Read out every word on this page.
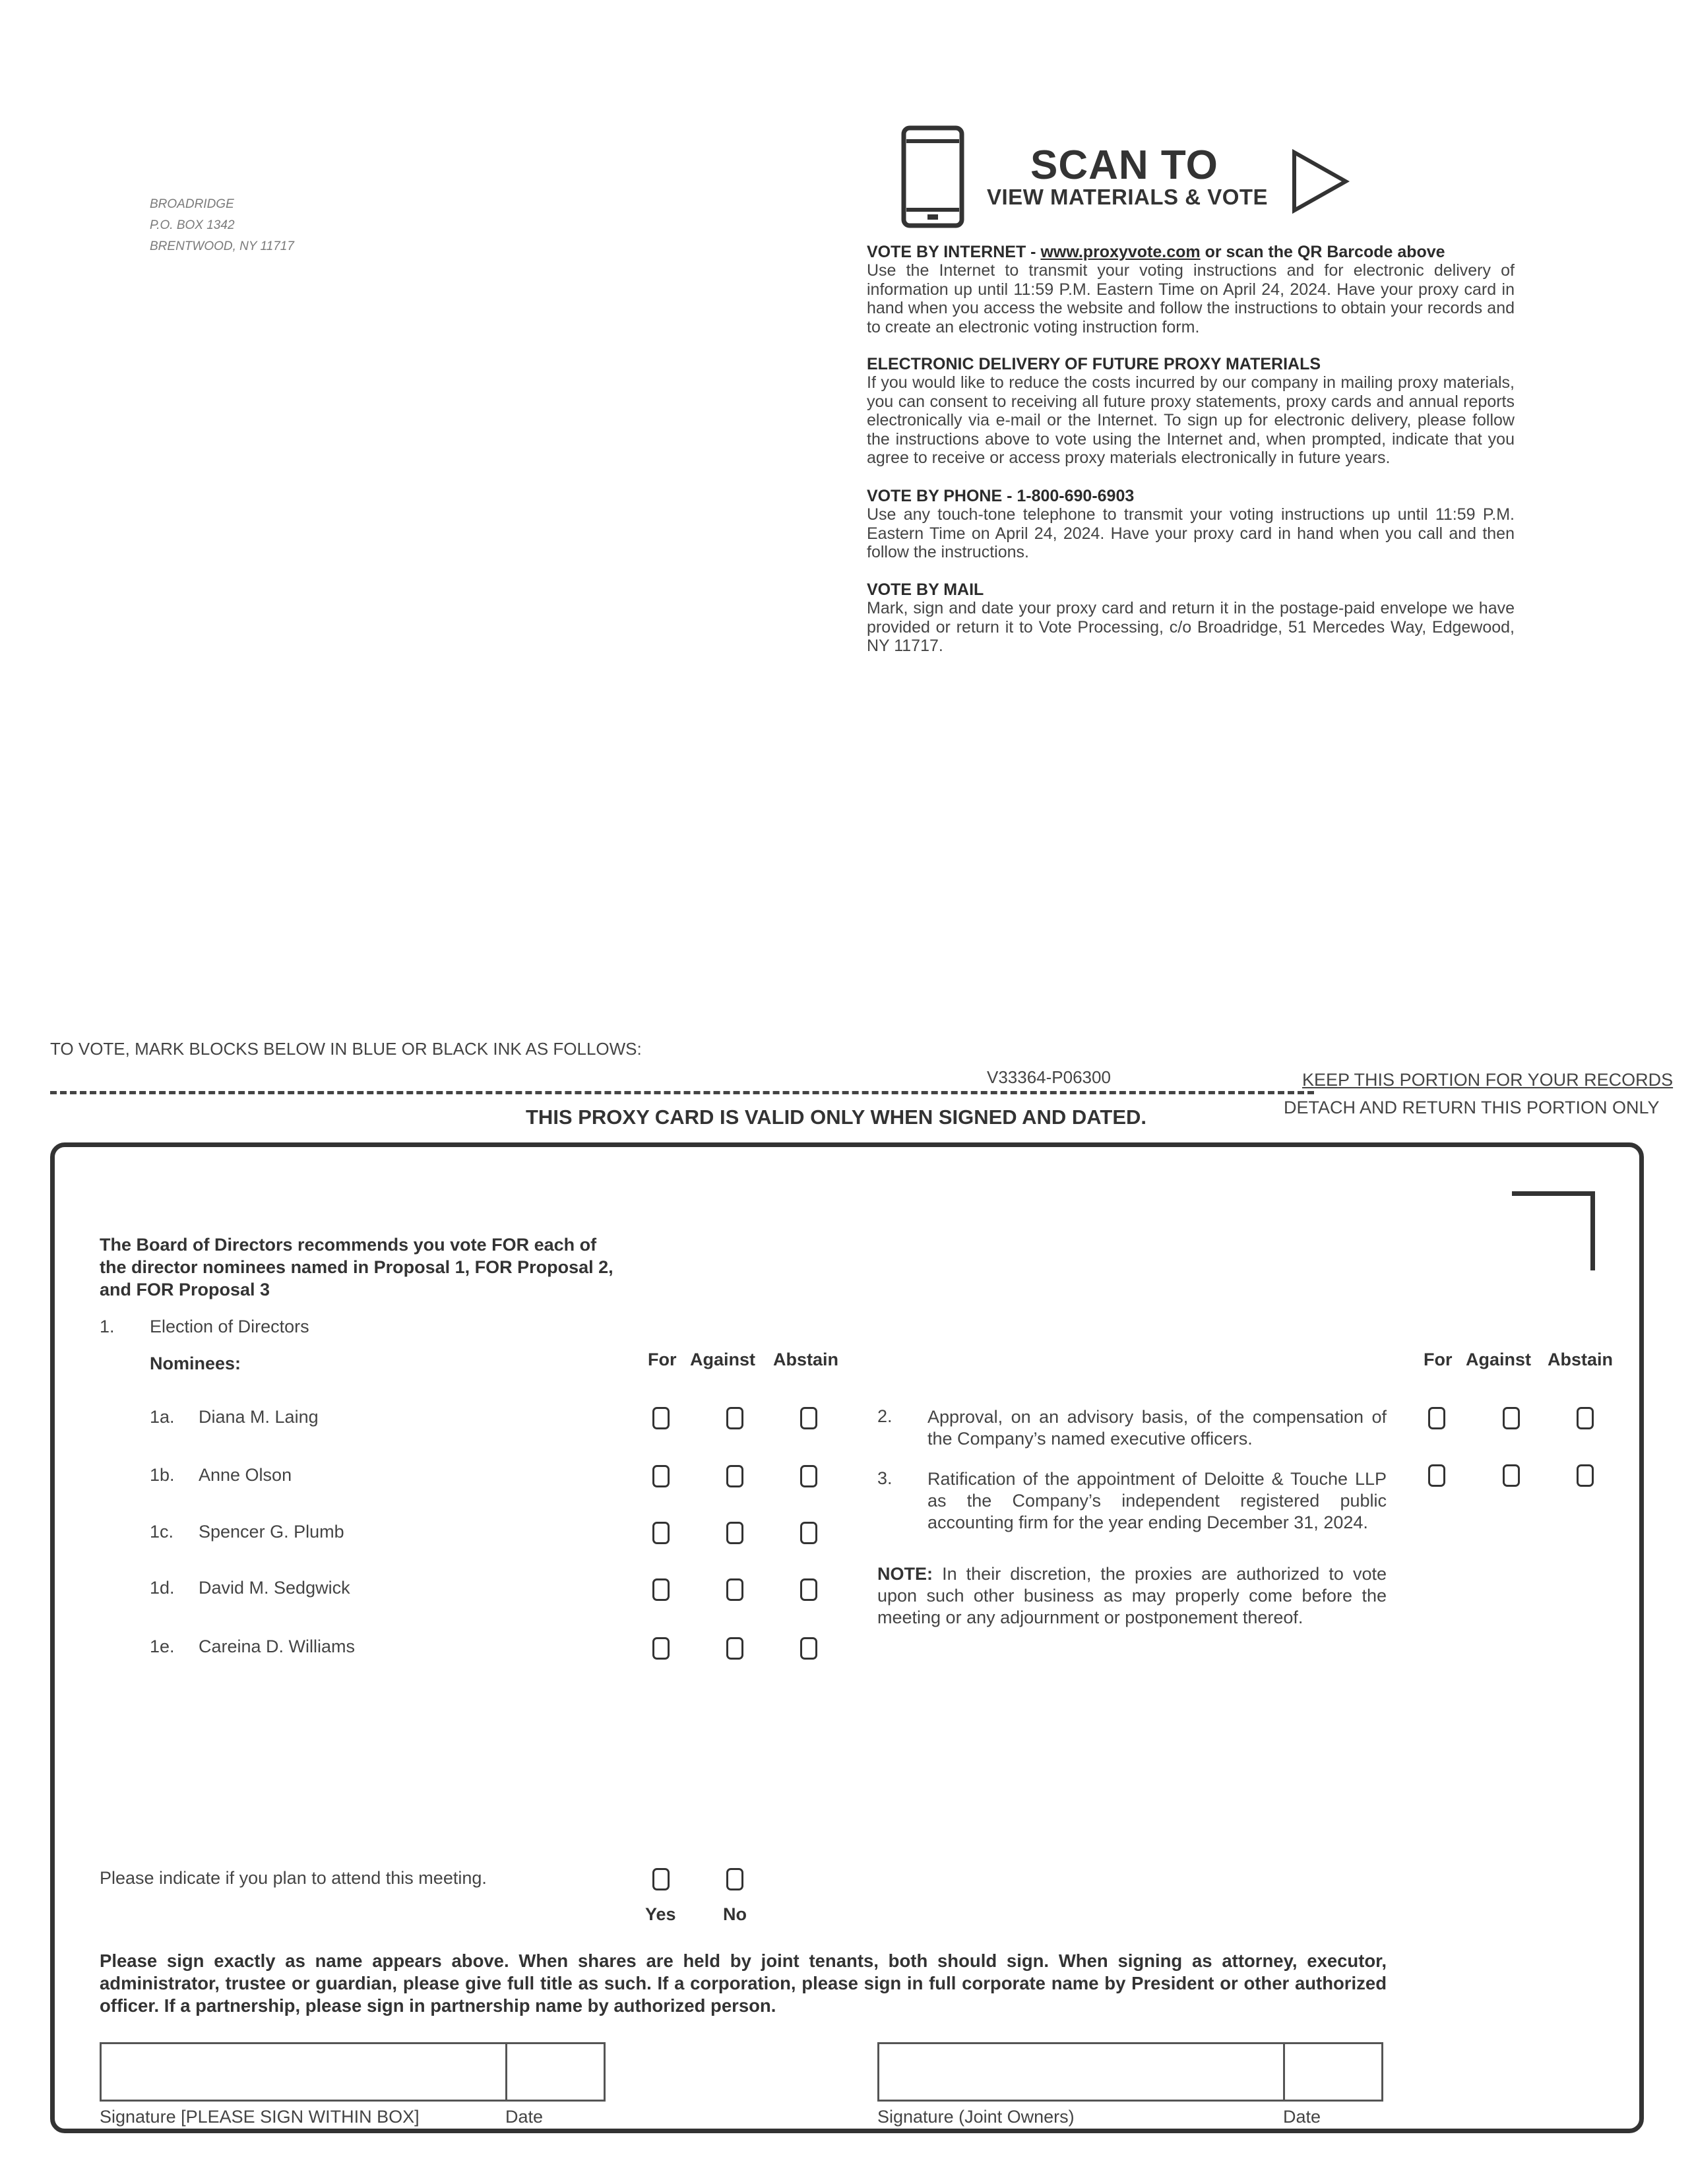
BROADRIDGE
P.O. BOX 1342
BRENTWOOD, NY 11717
SCAN TO
VIEW MATERIALS & VOTE
VOTE BY INTERNET - www.proxyvote.com or scan the QR Barcode above

Use the Internet to transmit your voting instructions and for electronic delivery of information up until 11:59 P.M. Eastern Time on April 24, 2024. Have your proxy card in hand when you access the website and follow the instructions to obtain your records and to create an electronic voting instruction form.

ELECTRONIC DELIVERY OF FUTURE PROXY MATERIALS

If you would like to reduce the costs incurred by our company in mailing proxy materials, you can consent to receiving all future proxy statements, proxy cards and annual reports electronically via e-mail or the Internet. To sign up for electronic delivery, please follow the instructions above to vote using the Internet and, when prompted, indicate that you agree to receive or access proxy materials electronically in future years.

VOTE BY PHONE - 1-800-690-6903

Use any touch-tone telephone to transmit your voting instructions up until 11:59 P.M. Eastern Time on April 24, 2024. Have your proxy card in hand when you call and then follow the instructions.

VOTE BY MAIL

Mark, sign and date your proxy card and return it in the postage-paid envelope we have provided or return it to Vote Processing, c/o Broadridge, 51 Mercedes Way, Edgewood, NY 11717.

TO VOTE, MARK BLOCKS BELOW IN BLUE OR BLACK INK AS FOLLOWS:
V33364-P06300	KEEP THIS PORTION FOR YOUR RECORDS
DETACH AND RETURN THIS PORTION ONLY
THIS PROXY CARD IS VALID ONLY WHEN SIGNED AND DATED.
The Board of Directors recommends you vote FOR each of the director nominees named in Proposal 1, FOR Proposal 2, and FOR Proposal 3
1. Election of Directors
Nominees:	For Against Abstain	For Against Abstain
1a. Diana M. Laing
1b. Anne Olson
1c. Spencer G. Plumb
1d. David M. Sedgwick
1e. Careina D. Williams
2. Approval, on an advisory basis, of the compensation of the Company’s named executive officers.
3. Ratification of the appointment of Deloitte & Touche LLP as the Company’s independent registered public accounting firm for the year ending December 31, 2024.
NOTE: In their discretion, the proxies are authorized to vote upon such other business as may properly come before the meeting or any adjournment or postponement thereof.
Please indicate if you plan to attend this meeting.
Yes	No
Please sign exactly as name appears above. When shares are held by joint tenants, both should sign. When signing as attorney, executor, administrator, trustee or guardian, please give full title as such. If a corporation, please sign in full corporate name by President or other authorized officer. If a partnership, please sign in partnership name by authorized person.
Signature [PLEASE SIGN WITHIN BOX]	Date	Signature (Joint Owners)	Date
